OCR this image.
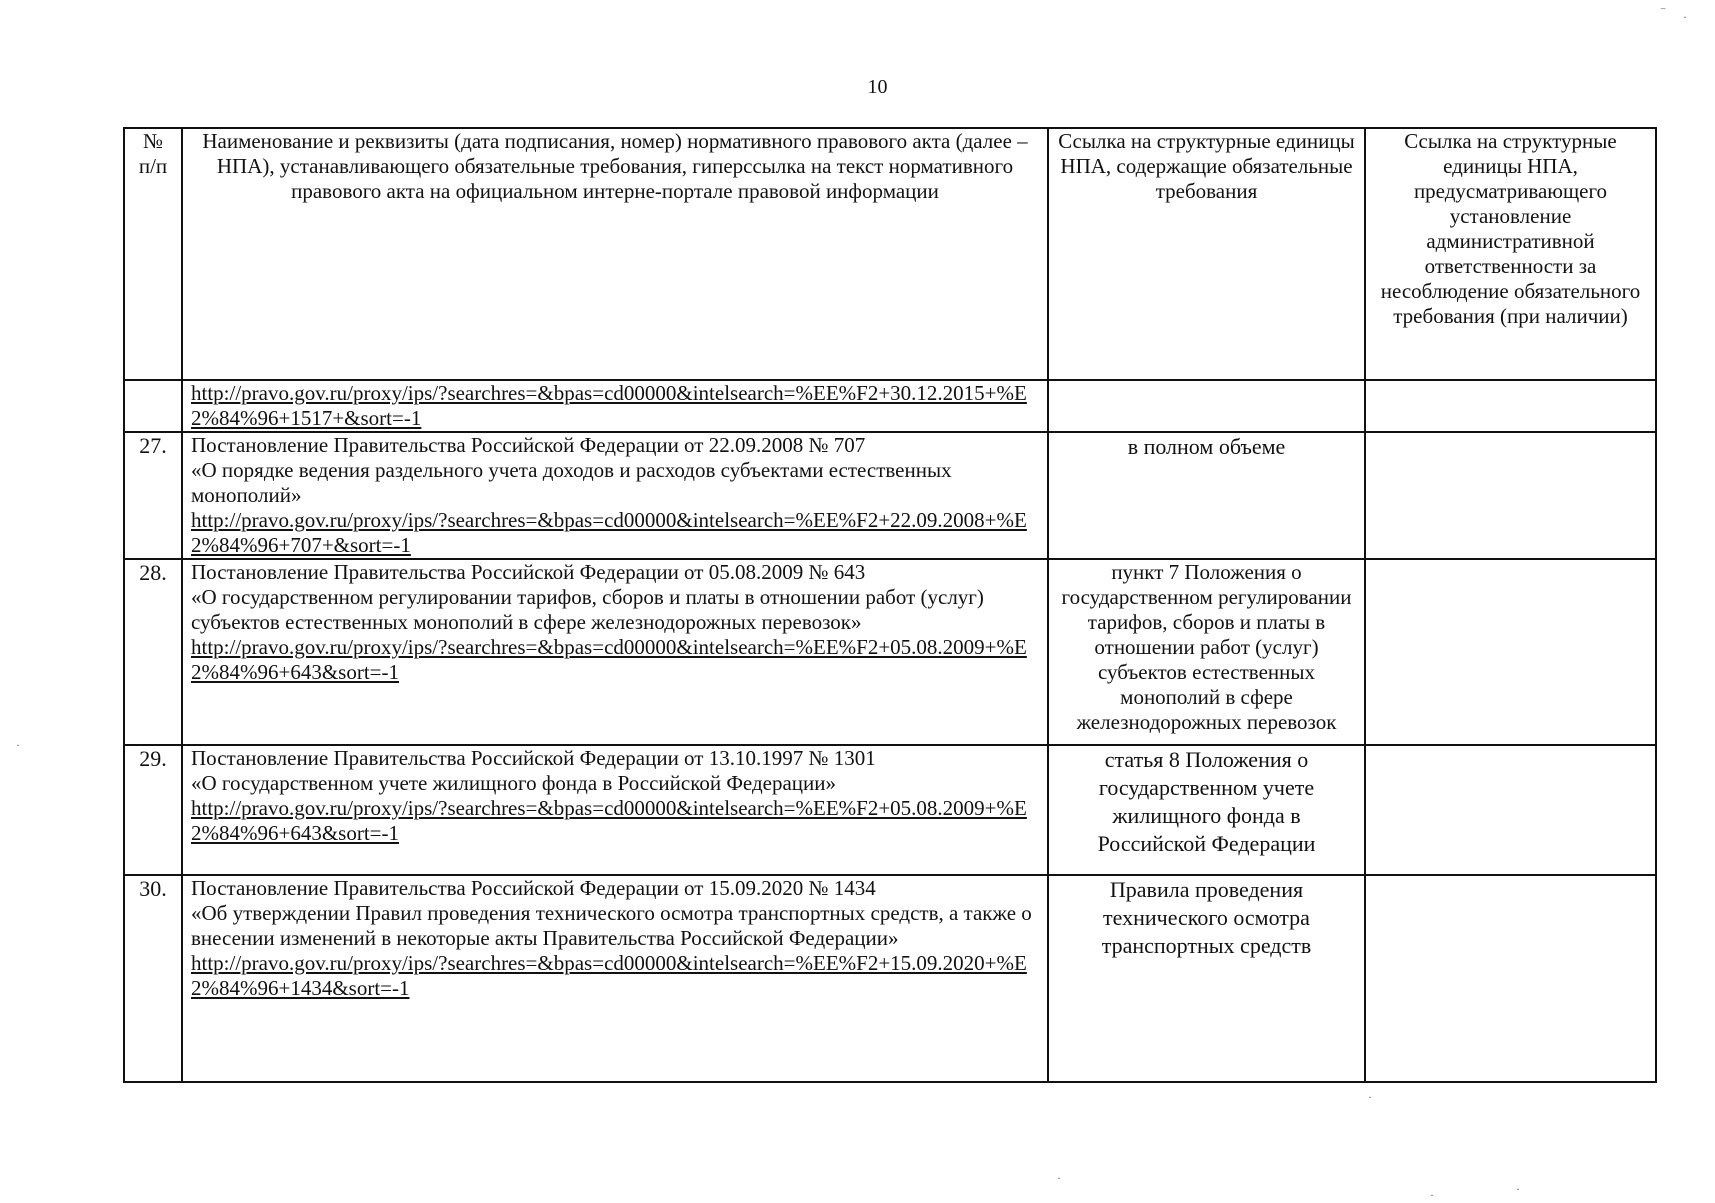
10
№ п/п	Наименование и реквизиты (дата подписания, номер) нормативного правового акта (далее – НПА), устанавливающего обязательные требования, гиперссылка на текст нормативного правового акта на официальном интерне-портале правовой информации	Ссылка на структурные единицы НПА, содержащие обязательные требования	Ссылка на структурные единицы НПА, предусматривающего установление административной ответственности за несоблюдение обязательного требования (при наличии)

	http://pravo.gov.ru/proxy/ips/?searchres=&bpas=cd00000&intelsearch=%EE%F2+30.12.2015+%E2%84%96+1517+&sort=-1		

27.	Постановление Правительства Российской Федерации от 22.09.2008 № 707
«О порядке ведения раздельного учета доходов и расходов субъектами естественных монополий»
http://pravo.gov.ru/proxy/ips/?searchres=&bpas=cd00000&intelsearch=%EE%F2+22.09.2008+%E2%84%96+707+&sort=-1	в полном объеме	
28.	Постановление Правительства Российской Федерации от 05.08.2009 № 643
«О государственном регулировании тарифов, сборов и платы в отношении работ (услуг) субъектов естественных монополий в сфере железнодорожных перевозок»
http://pravo.gov.ru/proxy/ips/?searchres=&bpas=cd00000&intelsearch=%EE%F2+05.08.2009+%E2%84%96+643&sort=-1	пункт 7 Положения о государственном регулировании тарифов, сборов и платы в отношении работ (услуг) субъектов естественных монополий в сфере железнодорожных перевозок	
29.	Постановление Правительства Российской Федерации от 13.10.1997 № 1301
«О государственном учете жилищного фонда в Российской Федерации»
http://pravo.gov.ru/proxy/ips/?searchres=&bpas=cd00000&intelsearch=%EE%F2+05.08.2009+%E2%84%96+643&sort=-1	статья 8 Положения о государственном учете жилищного фонда в Российской Федерации	
30.	Постановление Правительства Российской Федерации от 15.09.2020 № 1434
«Об утверждении Правил проведения технического осмотра транспортных средств, а также о внесении изменений в некоторые акты Правительства Российской Федерации»
http://pravo.gov.ru/proxy/ips/?searchres=&bpas=cd00000&intelsearch=%EE%F2+15.09.2020+%E2%84%96+1434&sort=-1	Правила проведения технического осмотра транспортных средств	
⁻ ·
·
·
·
·	·
